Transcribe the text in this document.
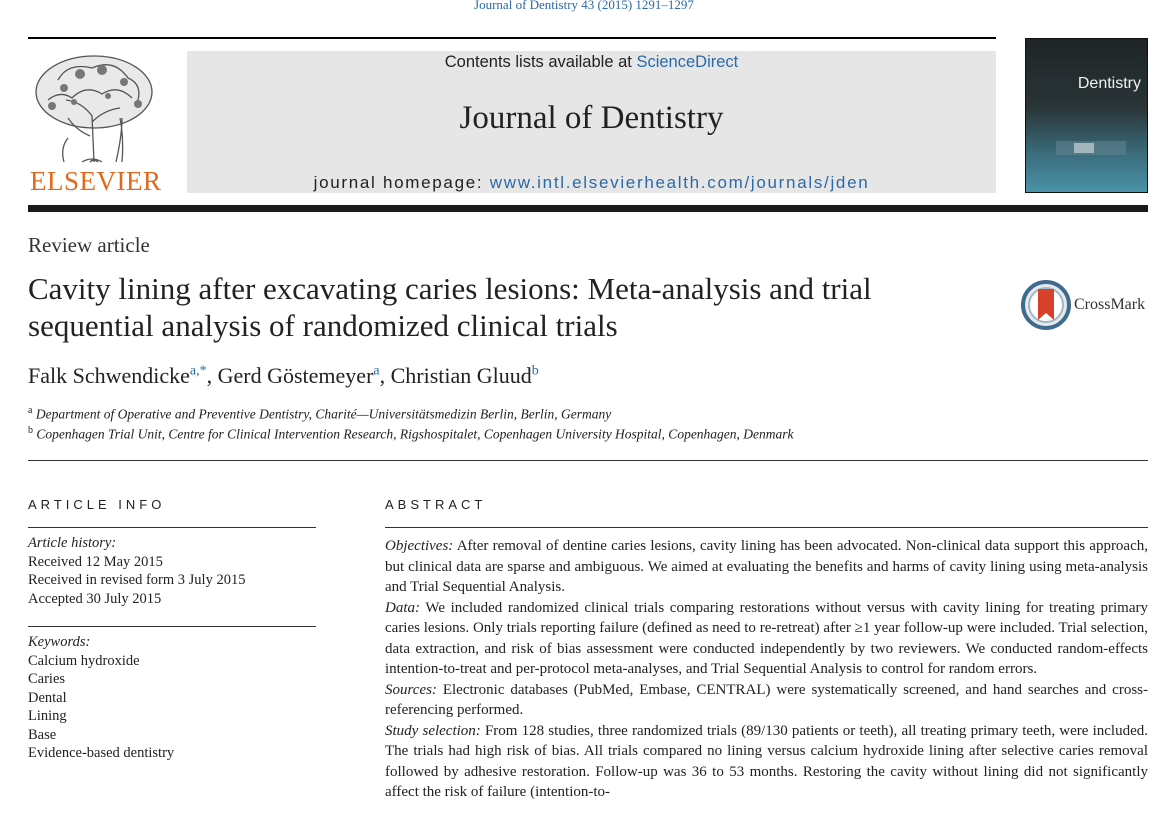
Journal of Dentistry 43 (2015) 1291–1297
ELSEVIER
Contents lists available at ScienceDirect
Journal of Dentistry
journal homepage: www.intl.elsevierhealth.com/journals/jden
Dentistry
Review article
Cavity lining after excavating caries lesions: Meta-analysis and trial sequential analysis of randomized clinical trials
CrossMark
Falk Schwendicke$^{a,*}$, Gerd Göstemeyer$^a$, Christian Gluud$^b$
$^a$ Department of Operative and Preventive Dentistry, Charité—Universitätsmedizin Berlin, Berlin, Germany
$^b$ Copenhagen Trial Unit, Centre for Clinical Intervention Research, Rigshospitalet, Copenhagen University Hospital, Copenhagen, Denmark
ARTICLE INFO	ABSTRACT
Article history:
Received 12 May 2015
Received in revised form 3 July 2015
Accepted 30 July 2015
Keywords:
Calcium hydroxide
Caries
Dental
Lining
Base
Evidence-based dentistry

Objectives: After removal of dentine caries lesions, cavity lining has been advocated. Non-clinical data support this approach, but clinical data are sparse and ambiguous. We aimed at evaluating the benefits and harms of cavity lining using meta-analysis and Trial Sequential Analysis.

Data: We included randomized clinical trials comparing restorations without versus with cavity lining for treating primary caries lesions. Only trials reporting failure (defined as need to re-retreat) after ≥1 year follow-up were included. Trial selection, data extraction, and risk of bias assessment were conducted independently by two reviewers. We conducted random-effects intention-to-treat and per-protocol meta-analyses, and Trial Sequential Analysis to control for random errors.

Sources: Electronic databases (PubMed, Embase, CENTRAL) were systematically screened, and hand searches and cross-referencing performed.

Study selection: From 128 studies, three randomized trials (89/130 patients or teeth), all treating primary teeth, were included. The trials had high risk of bias. All trials compared no lining versus calcium hydroxide lining after selective caries removal followed by adhesive restoration. Follow-up was 36 to 53 months. Restoring the cavity without lining did not significantly affect the risk of failure (intention-to-
